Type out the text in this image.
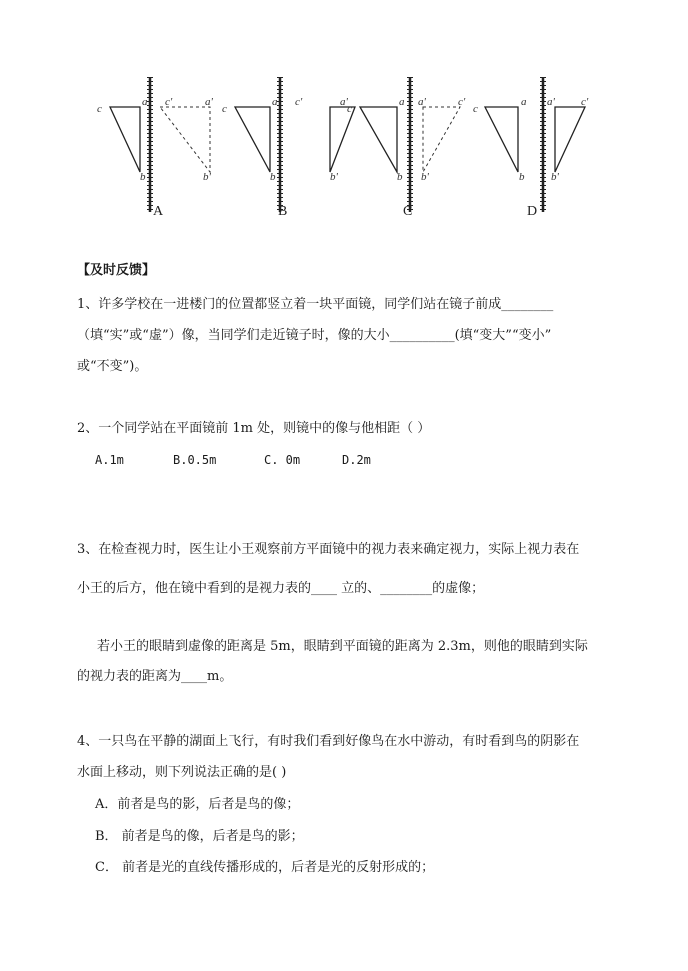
c
a
b
c'	a'
b'
A
c
a
b
c'	a'
b'
B
c
a
b
c'
a'
b'
C
c
a
b
c'
a'
b'
D
【及时反馈】
1、许多学校在一进楼门的位置都竖立着一块平面镜，同学们站在镜子前成________
（填“实”或“虚”）像，当同学们走近镜子时，像的大小__________(填“变大”“变小”
或“不变”)。
2、一个同学站在平面镜前 1m 处，则镜中的像与他相距（ ）
A.1m	B.0.5m	C. 0m	D.2m
3、在检查视力时，医生让小王观察前方平面镜中的视力表来确定视力，实际上视力表在
小王的后方，他在镜中看到的是视力表的____ 立的、________的虚像；
若小王的眼睛到虚像的距离是 5m，眼睛到平面镜的距离为 2.3m，则他的眼睛到实际
的视力表的距离为____m。
4、一只鸟在平静的湖面上飞行，有时我们看到好像鸟在水中游动，有时看到鸟的阴影在
水面上移动，则下列说法正确的是( )
A．前者是鸟的影，后者是鸟的像；
B． 前者是鸟的像，后者是鸟的影；
C． 前者是光的直线传播形成的，后者是光的反射形成的；
